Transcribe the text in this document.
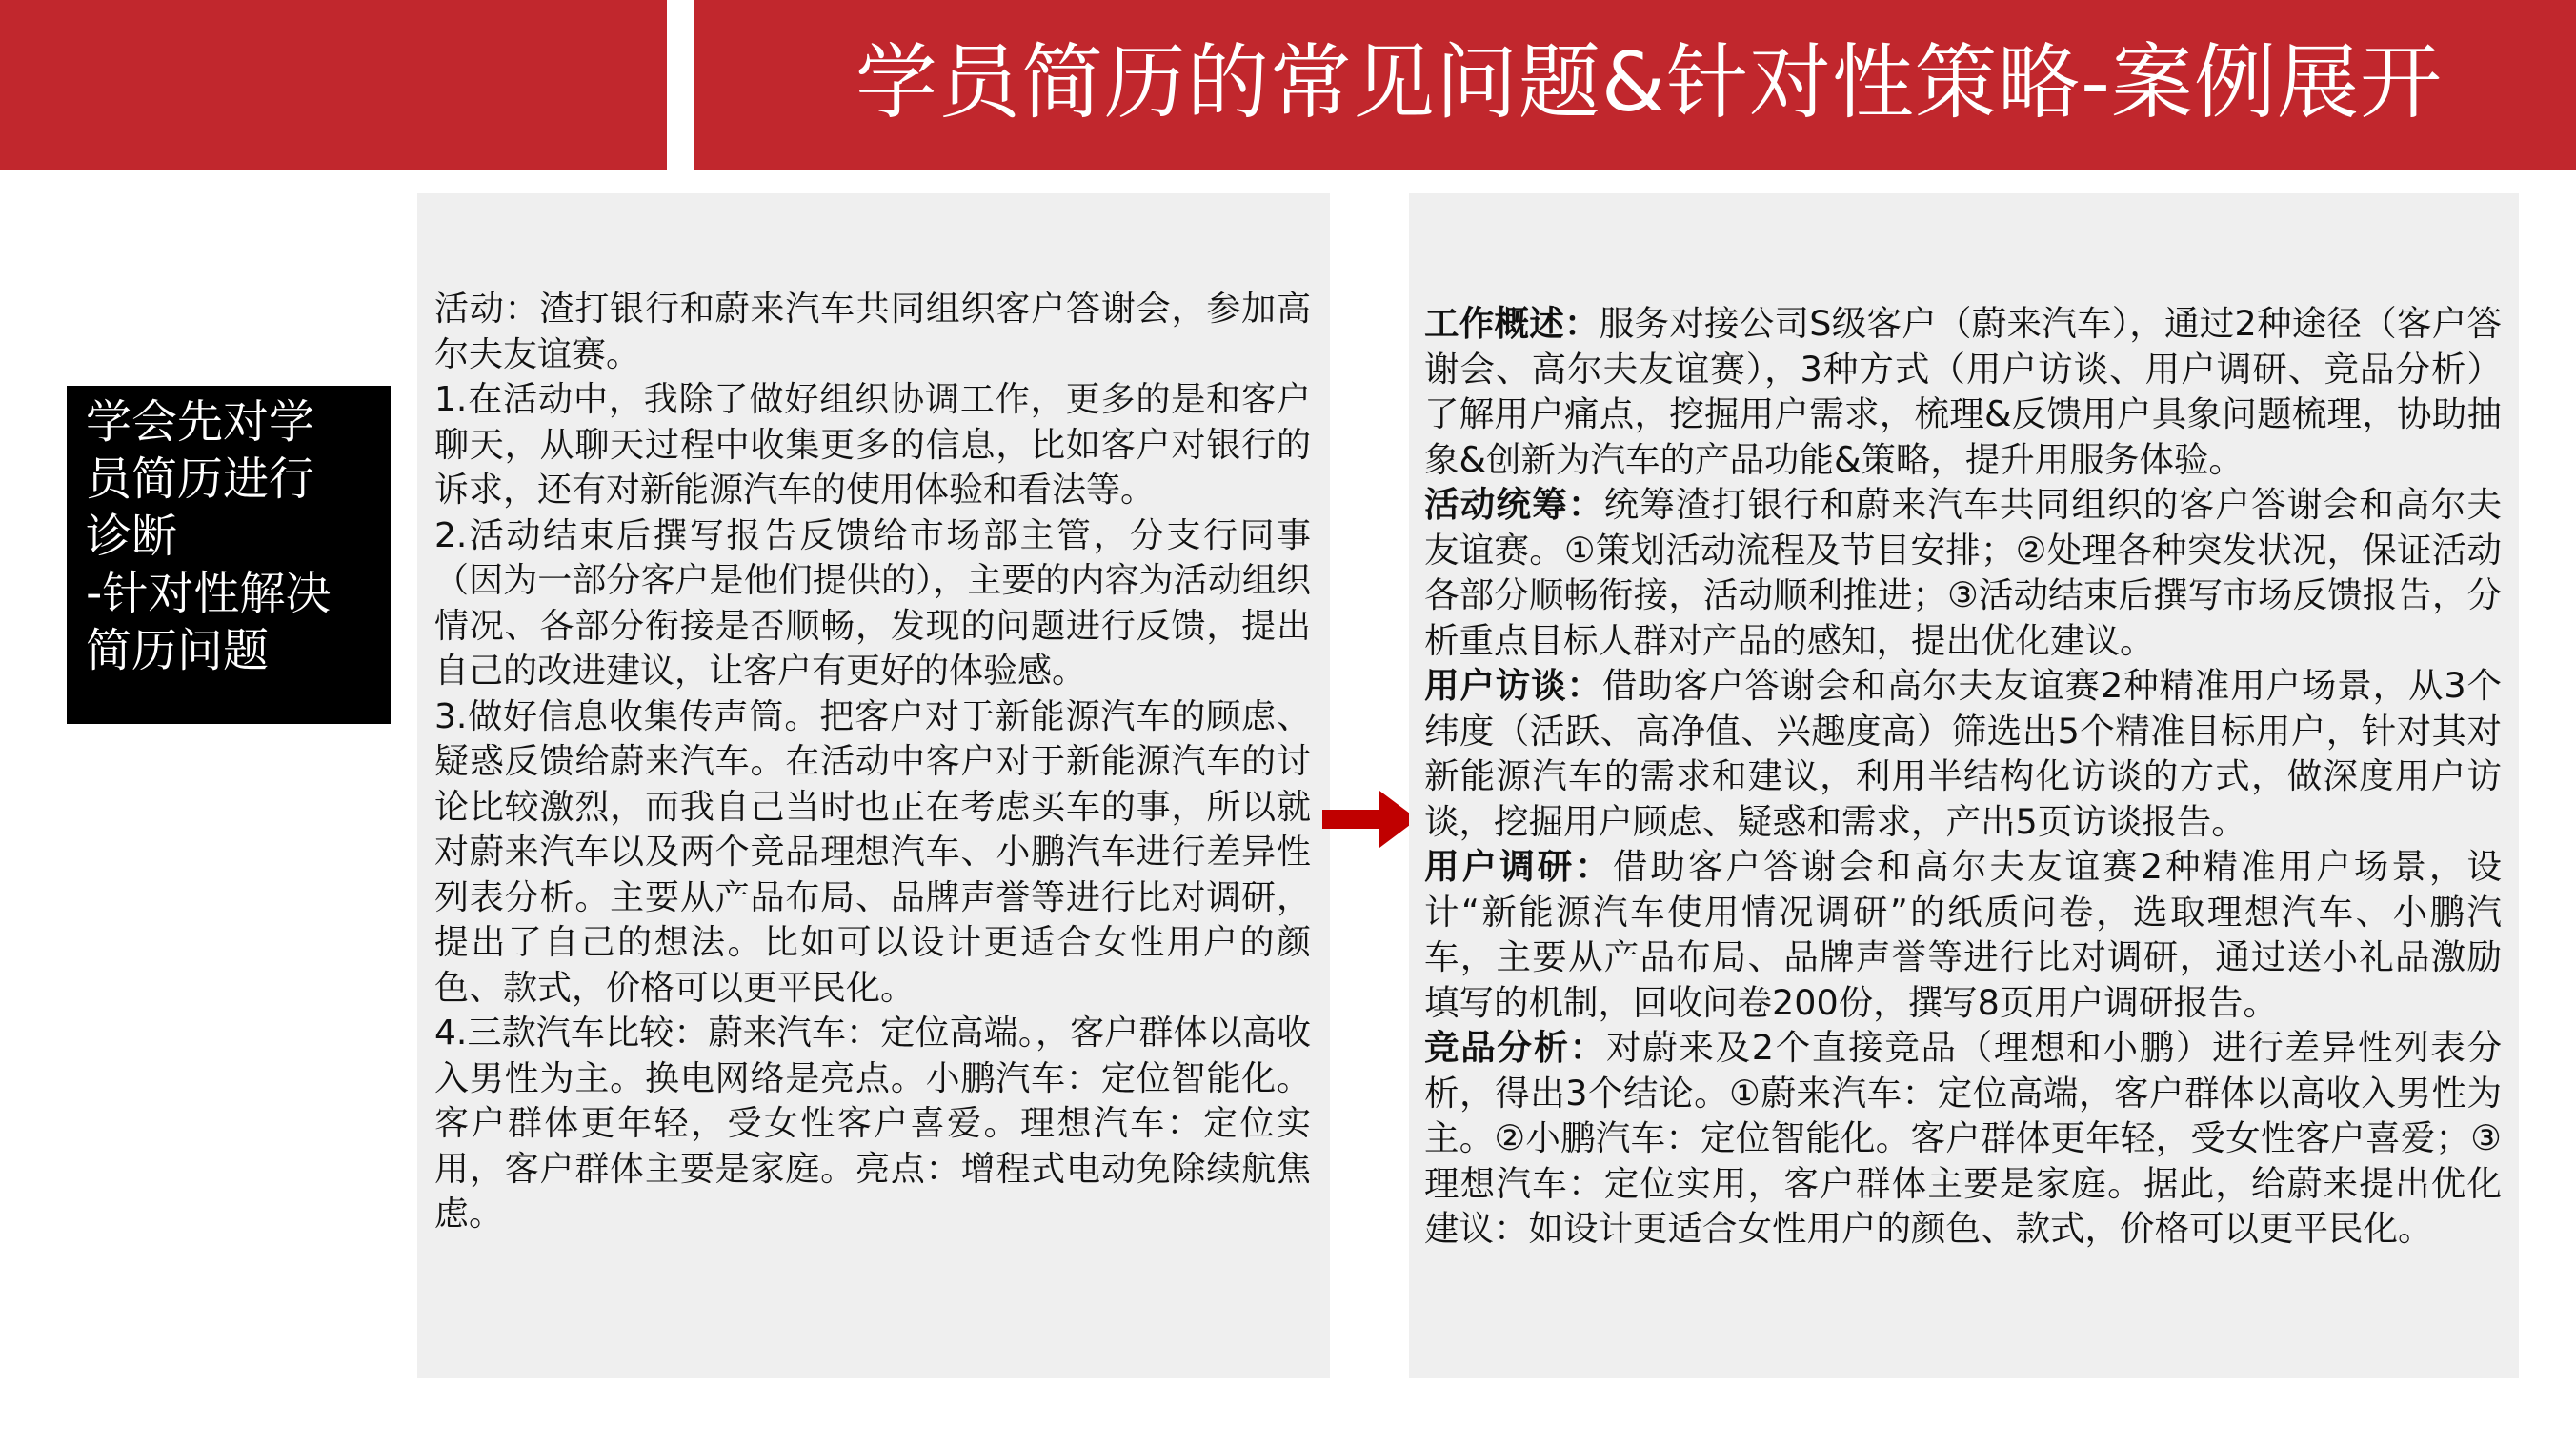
学员简历的常见问题&针对性策略-案例展开
学会先对学
员简历进行
诊断
-针对性解决
简历问题

活动：渣打银行和蔚来汽车共同组织客户答谢会，参加高尔夫友谊赛。

1.在活动中，我除了做好组织协调工作，更多的是和客户聊天，从聊天过程中收集更多的信息，比如客户对银行的诉求，还有对新能源汽车的使用体验和看法等。

2.活动结束后撰写报告反馈给市场部主管，分支行同事（因为一部分客户是他们提供的），主要的内容为活动组织情况、各部分衔接是否顺畅，发现的问题进行反馈，提出自己的改进建议，让客户有更好的体验感。

3.做好信息收集传声筒。把客户对于新能源汽车的顾虑、疑惑反馈给蔚来汽车。在活动中客户对于新能源汽车的讨论比较激烈，而我自己当时也正在考虑买车的事，所以就对蔚来汽车以及两个竞品理想汽车、小鹏汽车进行差异性列表分析。主要从产品布局、品牌声誉等进行比对调研，提出了自己的想法。比如可以设计更适合女性用户的颜色、款式，价格可以更平民化。

4.三款汽车比较：蔚来汽车：定位高端。，客户群体以高收入男性为主。换电网络是亮点。小鹏汽车：定位智能化。客户群体更年轻，受女性客户喜爱。理想汽车：定位实用，客户群体主要是家庭。亮点：增程式电动免除续航焦虑。

工作概述：服务对接公司S级客户（蔚来汽车），通过2种途径（客户答谢会、高尔夫友谊赛），3种方式（用户访谈、用户调研、竞品分析）了解用户痛点，挖掘用户需求，梳理&反馈用户具象问题梳理，协助抽象&创新为汽车的产品功能&策略，提升用服务体验。

活动统筹：统筹渣打银行和蔚来汽车共同组织的客户答谢会和高尔夫友谊赛。①策划活动流程及节目安排；②处理各种突发状况，保证活动各部分顺畅衔接，活动顺利推进；③活动结束后撰写市场反馈报告，分析重点目标人群对产品的感知，提出优化建议。

用户访谈：借助客户答谢会和高尔夫友谊赛2种精准用户场景，从3个纬度（活跃、高净值、兴趣度高）筛选出5个精准目标用户，针对其对新能源汽车的需求和建议，利用半结构化访谈的方式，做深度用户访谈，挖掘用户顾虑、疑惑和需求，产出5页访谈报告。

用户调研：借助客户答谢会和高尔夫友谊赛2种精准用户场景，设计“新能源汽车使用情况调研”的纸质问卷，选取理想汽车、小鹏汽车，主要从产品布局、品牌声誉等进行比对调研，通过送小礼品激励填写的机制，回收问卷200份，撰写8页用户调研报告。

竞品分析：对蔚来及2个直接竞品（理想和小鹏）进行差异性列表分析，得出3个结论。①蔚来汽车：定位高端，客户群体以高收入男性为主。②小鹏汽车：定位智能化。客户群体更年轻，受女性客户喜爱；③理想汽车：定位实用，客户群体主要是家庭。据此，给蔚来提出优化建议：如设计更适合女性用户的颜色、款式，价格可以更平民化。
